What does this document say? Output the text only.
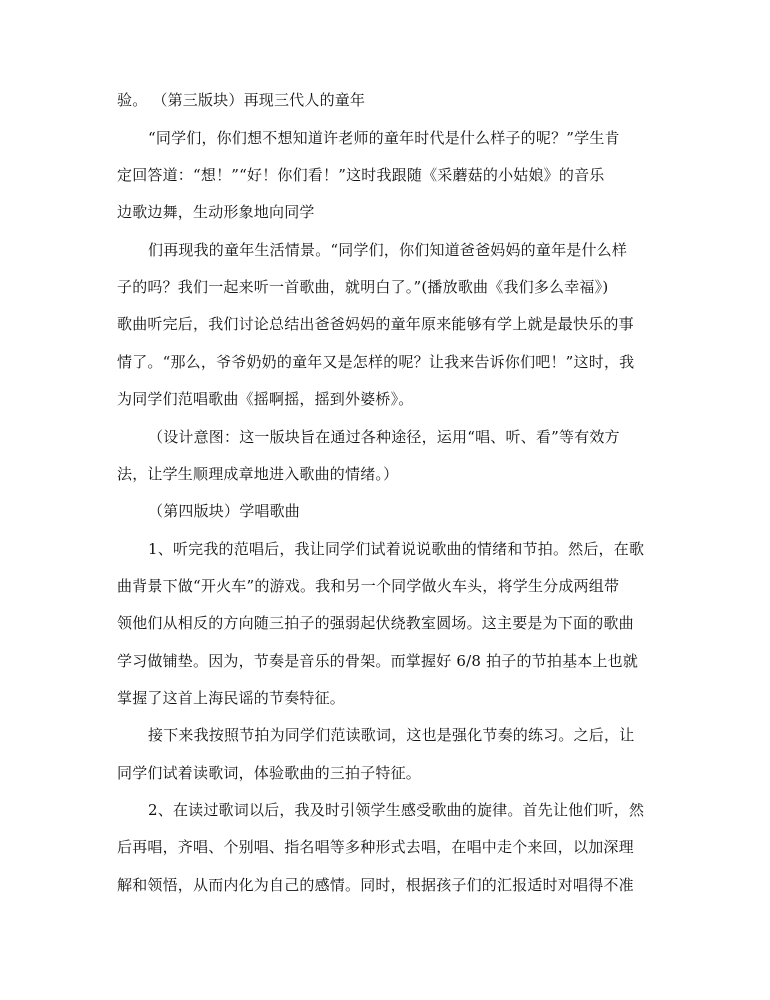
验。 （第三版块）再现三代人的童年
“同学们，你们想不想知道许老师的童年时代是什么样子的呢？”学生肯
定回答道：“想！”“好！你们看！”这时我跟随《采蘑菇的小姑娘》的音乐
边歌边舞，生动形象地向同学
们再现我的童年生活情景。“同学们，你们知道爸爸妈妈的童年是什么样
子的吗？我们一起来听一首歌曲，就明白了。”(播放歌曲《我们多么幸福》)
歌曲听完后，我们讨论总结出爸爸妈妈的童年原来能够有学上就是最快乐的事
情了。“那么，爷爷奶奶的童年又是怎样的呢？让我来告诉你们吧！”这时，我
为同学们范唱歌曲《摇啊摇，摇到外婆桥》。
（设计意图：这一版块旨在通过各种途径，运用“唱、听、看”等有效方
法，让学生顺理成章地进入歌曲的情绪。）
（第四版块）学唱歌曲
1、听完我的范唱后，我让同学们试着说说歌曲的情绪和节拍。然后，在歌
曲背景下做“开火车”的游戏。我和另一个同学做火车头，将学生分成两组带
领他们从相反的方向随三拍子的强弱起伏绕教室圆场。这主要是为下面的歌曲
学习做铺垫。因为，节奏是音乐的骨架。而掌握好 6/8 拍子的节拍基本上也就
掌握了这首上海民谣的节奏特征。
接下来我按照节拍为同学们范读歌词，这也是强化节奏的练习。之后，让
同学们试着读歌词，体验歌曲的三拍子特征。
2、在读过歌词以后，我及时引领学生感受歌曲的旋律。首先让他们听，然
后再唱，齐唱、个别唱、指名唱等多种形式去唱，在唱中走个来回，以加深理
解和领悟，从而内化为自己的感情。同时，根据孩子们的汇报适时对唱得不准
